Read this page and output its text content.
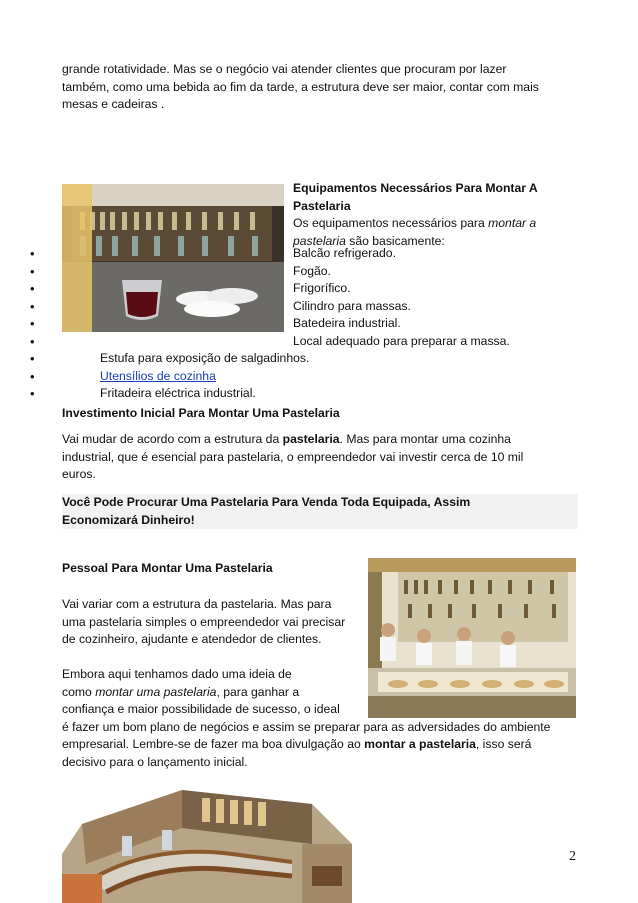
grande rotatividade. Mas se o negócio vai atender clientes que procuram por lazer
também, como uma bebida ao fim da tarde, a estrutura deve ser maior, contar com mais
mesas e cadeiras .

Equipamentos Necessários Para Montar A
Pastelaria
Os equipamentos necessários para montar a
pastelaria são basicamente:
•	Balcão refrigerado.
•	Fogão.
•	Frigorífico.
•	Cilindro para massas.
•	Batedeira industrial.
•	Local adequado para preparar a massa.
•	Estufa para exposição de salgadinhos.
•	Utensílios de cozinha
•	Fritadeira eléctrica industrial.
Investimento Inicial Para Montar Uma Pastelaria

Vai mudar de acordo com a estrutura da pastelaria. Mas para montar uma cozinha
industrial, que é esencial para pastelaria, o empreendedor vai investir cerca de 10 mil
euros.

Você Pode Procurar Uma Pastelaria Para Venda Toda Equipada, Assim
Economizará Dinheiro!
Pessoal Para Montar Uma Pastelaria

Vai variar com a estrutura da pastelaria. Mas para
uma pastelaria simples o empreendedor vai precisar
de cozinheiro, ajudante e atendedor de clientes.

Embora aqui tenhamos dado uma ideia de
como montar uma pastelaria, para ganhar a
confiança e maior possibilidade de sucesso, o ideal
é fazer um bom plano de negócios e assim se preparar para as adversidades do ambiente
empresarial. Lembre-se de fazer ma boa divulgação ao montar a pastelaria, isso será
decisivo para o lançamento inicial.
2
